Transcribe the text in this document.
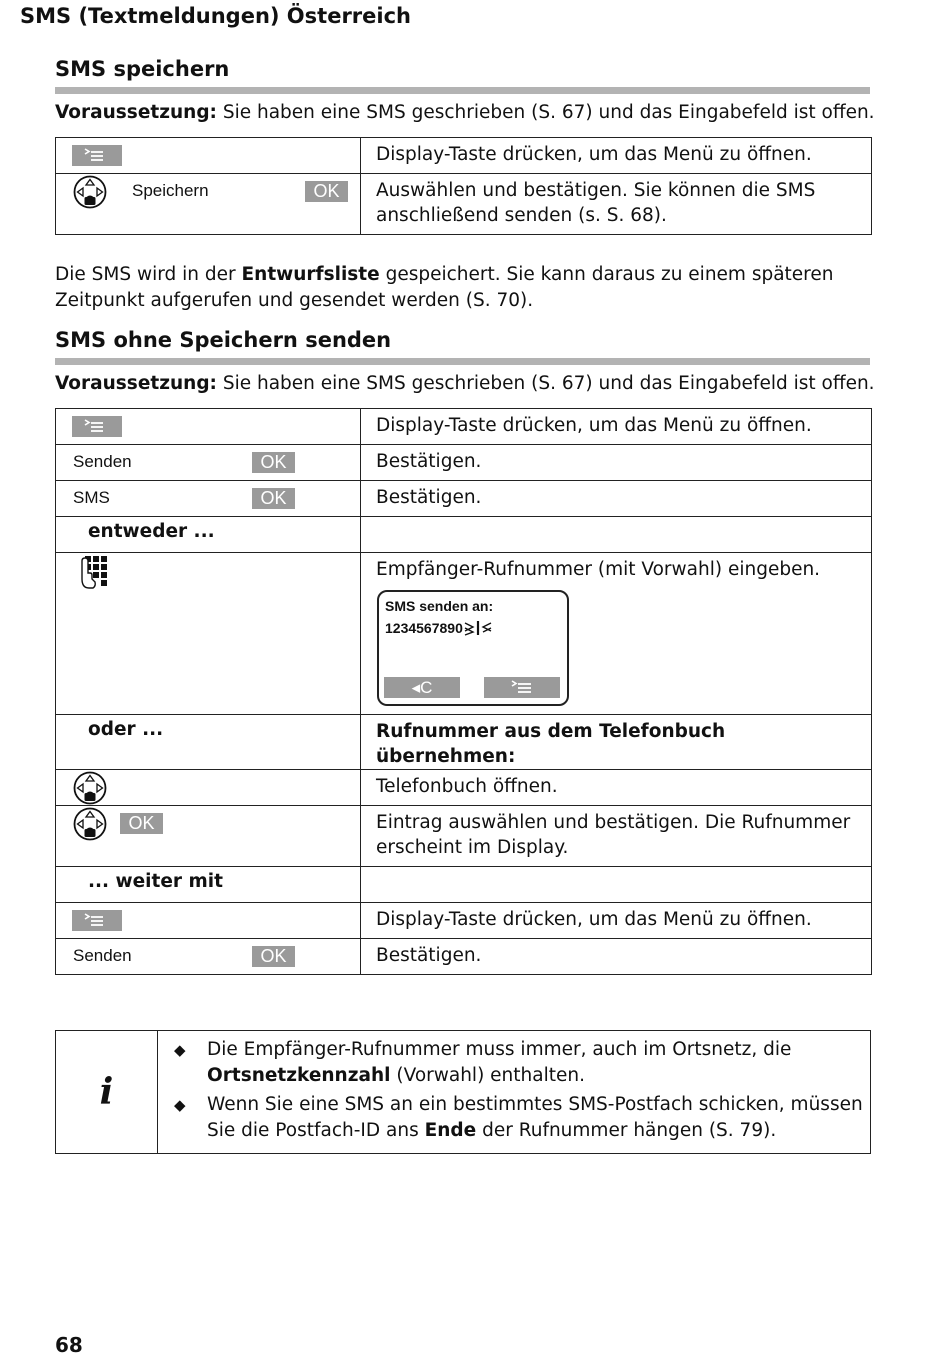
SMS (Textmeldungen) Österreich
SMS speichern
Voraussetzung: Sie haben eine SMS geschrieben (S. 67) und das Eingabefeld ist offen.
	Display-Taste drücken, um das Menü zu öffnen.

Speichern OK	Auswählen und bestätigen. Sie können die SMS anschließend senden (s. S. 68).
Die SMS wird in der Entwurfsliste gespeichert. Sie kann daraus zu einem späteren Zeitpunkt aufgerufen und gesendet werden (S. 70).
SMS ohne Speichern senden
Voraussetzung: Sie haben eine SMS geschrieben (S. 67) und das Eingabefeld ist offen.
	Display-Taste drücken, um das Menü zu öffnen.

Senden OK	Bestätigen.

SMS OK	Bestätigen.

entweder ...	

	Empfänger-Rufnummer (mit Vorwahl) eingeben.
SMS senden an:
1234567890
◂C

oder ...	Rufnummer aus dem Telefonbuch übernehmen:

	Telefonbuch öffnen.

OK	Eintrag auswählen und bestätigen. Die Rufnummer erscheint im Display.

... weiter mit	

	Display-Taste drücken, um das Menü zu öffnen.

Senden OK	Bestätigen.
i
◆ Die Empfänger-Rufnummer muss immer, auch im Ortsnetz, die Ortsnetzkennzahl (Vorwahl) enthalten.
◆ Wenn Sie eine SMS an ein bestimmtes SMS-Postfach schicken, müssen Sie die Postfach-ID ans Ende der Rufnummer hängen (S. 79).
68
